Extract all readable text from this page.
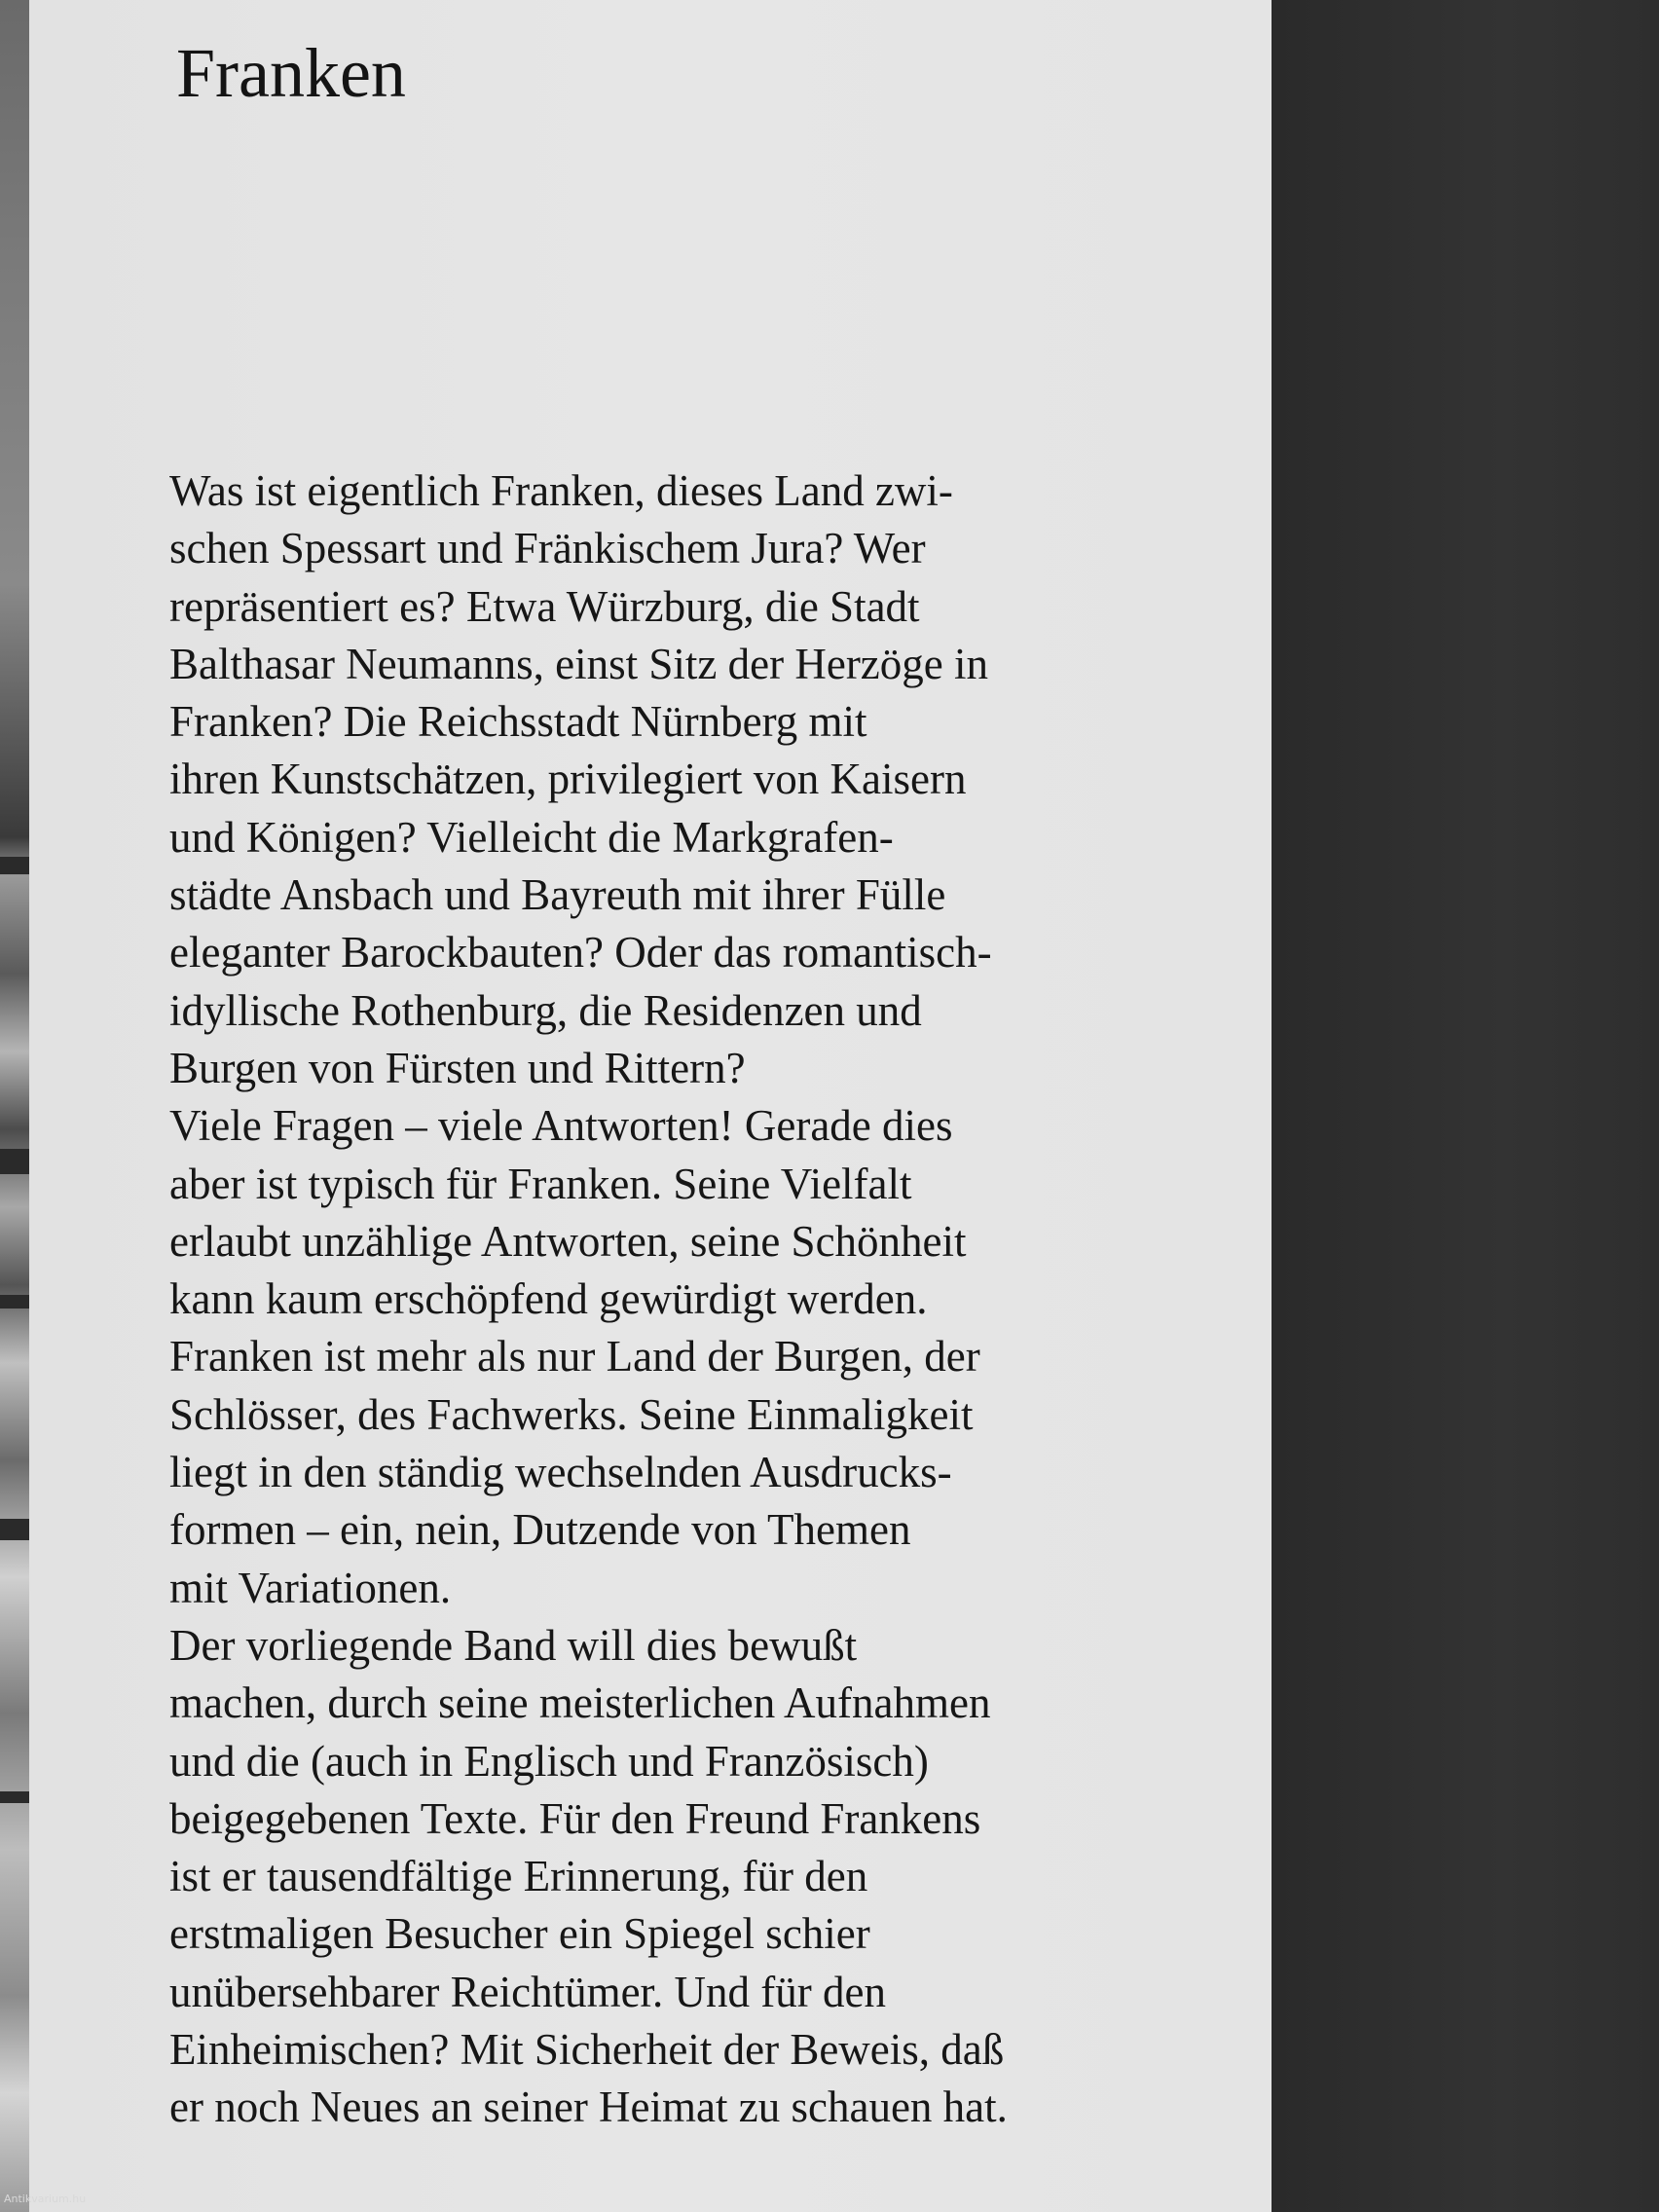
Franken
Was ist eigentlich Franken, dieses Land zwi-
schen Spessart und Fränkischem Jura? Wer
repräsentiert es? Etwa Würzburg, die Stadt
Balthasar Neumanns, einst Sitz der Herzöge in
Franken? Die Reichsstadt Nürnberg mit
ihren Kunstschätzen, privilegiert von Kaisern
und Königen? Vielleicht die Markgrafen-
städte Ansbach und Bayreuth mit ihrer Fülle
eleganter Barockbauten? Oder das romantisch-
idyllische Rothenburg, die Residenzen und
Burgen von Fürsten und Rittern?
Viele Fragen – viele Antworten! Gerade dies
aber ist typisch für Franken. Seine Vielfalt
erlaubt unzählige Antworten, seine Schönheit
kann kaum erschöpfend gewürdigt werden.
Franken ist mehr als nur Land der Burgen, der
Schlösser, des Fachwerks. Seine Einmaligkeit
liegt in den ständig wechselnden Ausdrucks-
formen – ein, nein, Dutzende von Themen
mit Variationen.
Der vorliegende Band will dies bewußt
machen, durch seine meisterlichen Aufnahmen
und die (auch in Englisch und Französisch)
beigegebenen Texte. Für den Freund Frankens
ist er tausendfältige Erinnerung, für den
erstmaligen Besucher ein Spiegel schier
unübersehbarer Reichtümer. Und für den
Einheimischen? Mit Sicherheit der Beweis, daß
er noch Neues an seiner Heimat zu schauen hat.
Antikvarium.hu
